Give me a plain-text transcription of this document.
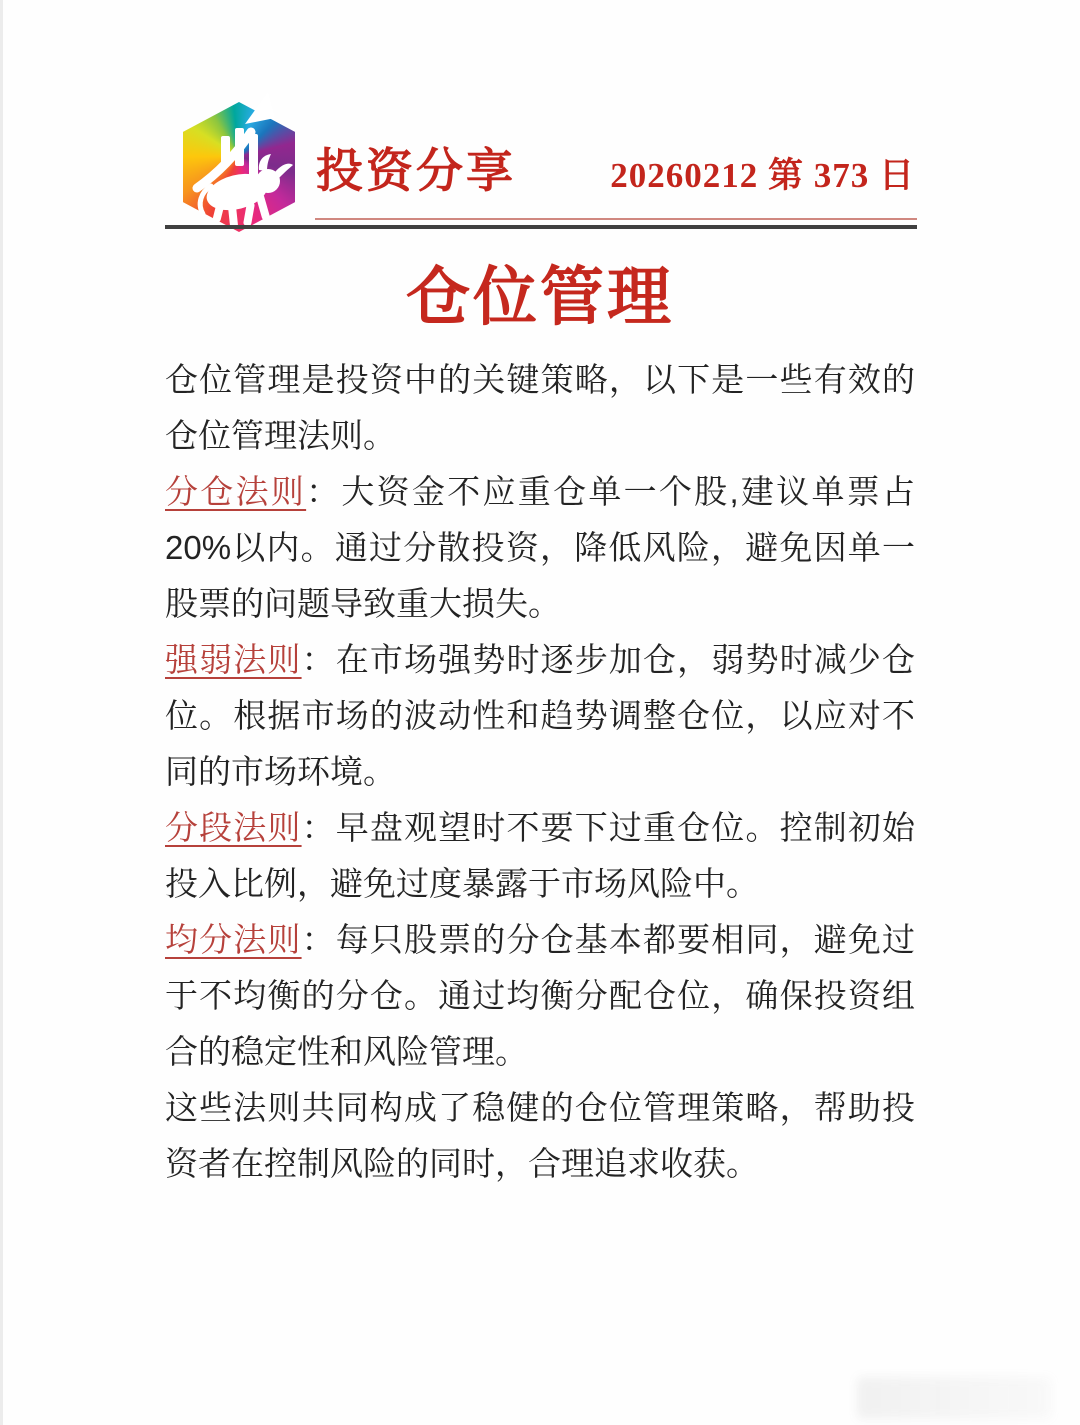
投资分享	20260212 第 373 日
仓位管理

仓位管理是投资中的关键策略，以下是一些有效的仓位管理法则。

分仓法则：大资金不应重仓单一个股,建议单票占 20%以内。通过分散投资，降低风险，避免因单一股票的问题导致重大损失。

强弱法则：在市场强势时逐步加仓，弱势时减少仓位。根据市场的波动性和趋势调整仓位，以应对不同的市场环境。

分段法则：早盘观望时不要下过重仓位。控制初始投入比例，避免过度暴露于市场风险中。

均分法则：每只股票的分仓基本都要相同，避免过于不均衡的分仓。通过均衡分配仓位，确保投资组合的稳定性和风险管理。

这些法则共同构成了稳健的仓位管理策略，帮助投资者在控制风险的同时，合理追求收获。
